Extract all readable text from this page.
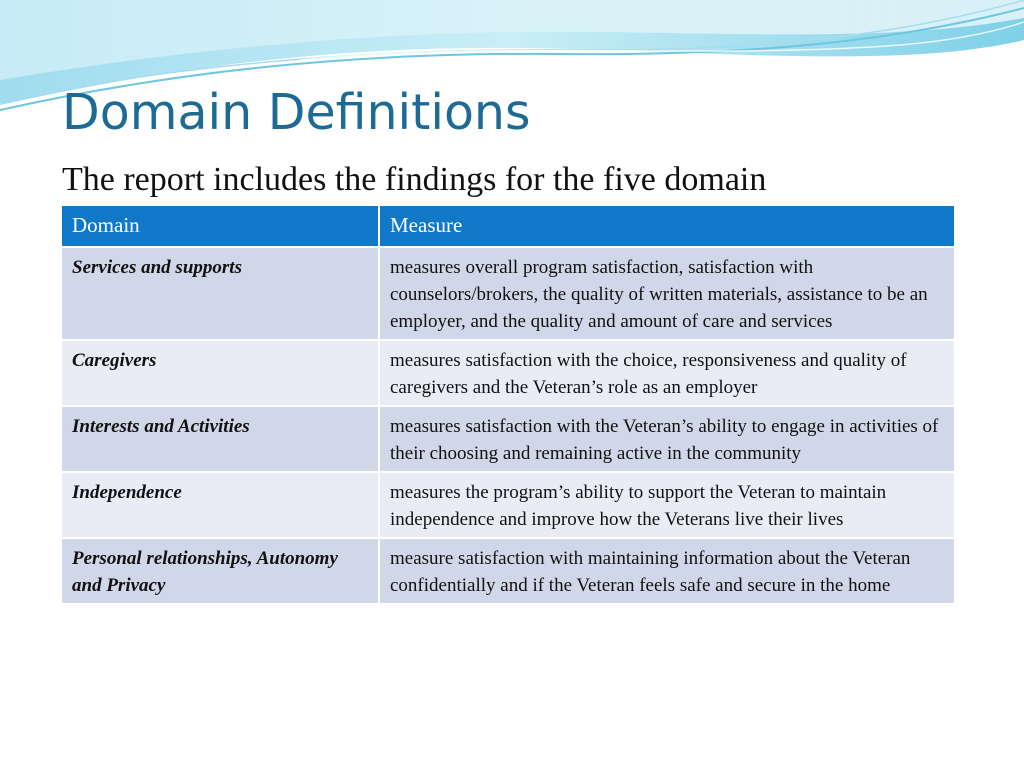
Domain Definitions

The report includes the findings for the five domain

Domain	Measure
Services and supports	measures overall program satisfaction, satisfaction with counselors/brokers, the quality of written materials, assistance to be an employer, and the quality and amount of care and services
Caregivers	measures satisfaction with the choice, responsiveness and quality of caregivers and the Veteran’s role as an employer
Interests and Activities	measures satisfaction with the Veteran’s ability to engage in activities of their choosing and remaining active in the community
Independence	measures the program’s ability to support the Veteran to maintain independence and improve how the Veterans live their lives
Personal relationships, Autonomy and Privacy	measure satisfaction with maintaining information about the Veteran confidentially and if the Veteran feels safe and secure in the home
